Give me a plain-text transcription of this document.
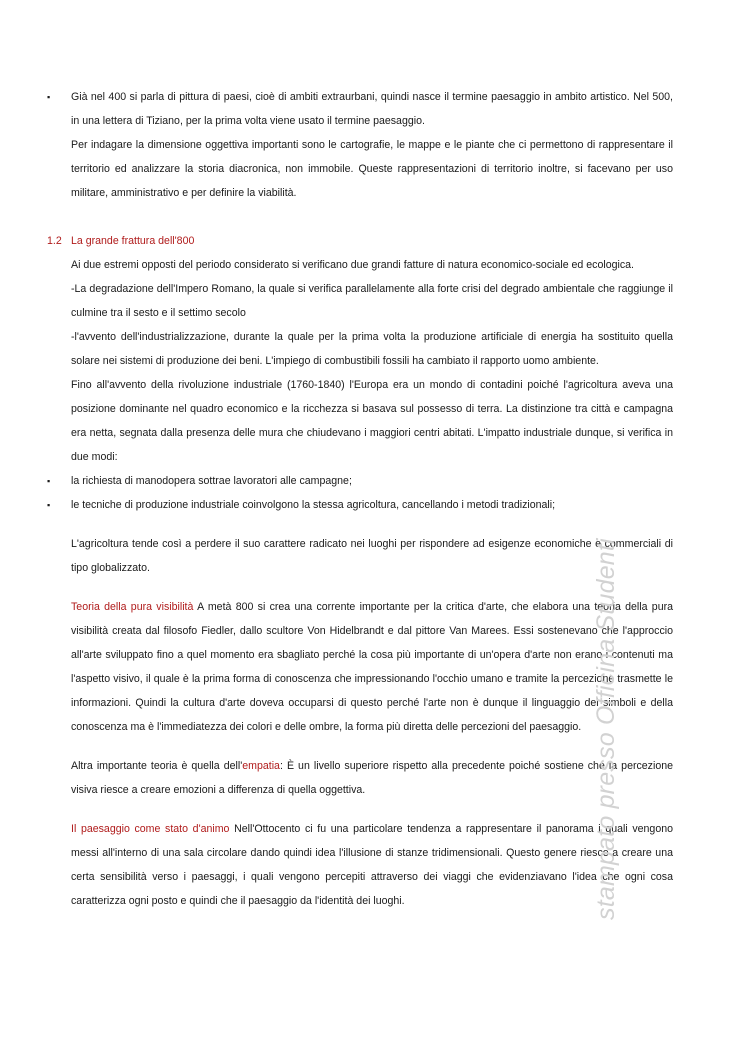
▪

Già nel 400 si parla di pittura di paesi, cioè di ambiti extraurbani, quindi nasce il termine paesaggio in ambito artistico. Nel 500, in una lettera di Tiziano, per la prima volta viene usato il termine paesaggio.

Per indagare la dimensione oggettiva importanti sono le cartografie, le mappe e le piante che ci permettono di rappresentare il territorio ed analizzare la storia diacronica, non immobile. Queste rappresentazioni di territorio inoltre, si facevano per uso militare, amministrativo e per definire la viabilità.

1.2 La grande frattura dell'800

Ai due estremi opposti del periodo considerato si verificano due grandi fatture di natura economico-sociale ed ecologica.

-La degradazione dell'Impero Romano, la quale si verifica parallelamente alla forte crisi del degrado ambientale che raggiunge il culmine tra il sesto e il settimo secolo

-l'avvento dell'industrializzazione, durante la quale per la prima volta la produzione artificiale di energia ha sostituito quella solare nei sistemi di produzione dei beni. L'impiego di combustibili fossili ha cambiato il rapporto uomo ambiente.

Fino all'avvento della rivoluzione industriale (1760-1840) l'Europa era un mondo di contadini poiché l'agricoltura aveva una posizione dominante nel quadro economico e la ricchezza si basava sul possesso di terra. La distinzione tra città e campagna era netta, segnata dalla presenza delle mura che chiudevano i maggiori centri abitati. L'impatto industriale dunque, si verifica in due modi:

▪

la richiesta di manodopera sottrae lavoratori alle campagne;

▪

le tecniche di produzione industriale coinvolgono la stessa agricoltura, cancellando i metodi tradizionali;

L'agricoltura tende così a perdere il suo carattere radicato nei luoghi per rispondere ad esigenze economiche e commerciali di tipo globalizzato.

Teoria della pura visibilità A metà 800 si crea una corrente importante per la critica d'arte, che elabora una teoria della pura visibilità creata dal filosofo Fiedler, dallo scultore Von Hidelbrandt e dal pittore Van Marees. Essi sostenevano che l'approccio all'arte sviluppato fino a quel momento era sbagliato perché la cosa più importante di un'opera d'arte non erano i contenuti ma l'aspetto visivo, il quale è la prima forma di conoscenza che impressionando l'occhio umano e tramite la percezione trasmette le informazioni. Quindi la cultura d'arte doveva occuparsi di questo perché l'arte non è dunque il linguaggio dei simboli e della conoscenza ma è l'immediatezza dei colori e delle ombre, la forma più diretta delle percezioni del paesaggio.

Altra importante teoria è quella dell'empatia: È un livello superiore rispetto alla precedente poiché sostiene che la percezione visiva riesce a creare emozioni a differenza di quella oggettiva.

Il paesaggio come stato d'animo Nell'Ottocento ci fu una particolare tendenza a rappresentare il panorama i quali vengono messi all'interno di una sala circolare dando quindi idea l'illusione di stanze tridimensionali. Questo genere riesce a creare una certa sensibilità verso i paesaggi, i quali vengono percepiti attraverso dei viaggi che evidenziavano l'idea che ogni cosa caratterizza ogni posto e quindi che il paesaggio da l'identità dei luoghi.	stampato presso Officina Studenti
